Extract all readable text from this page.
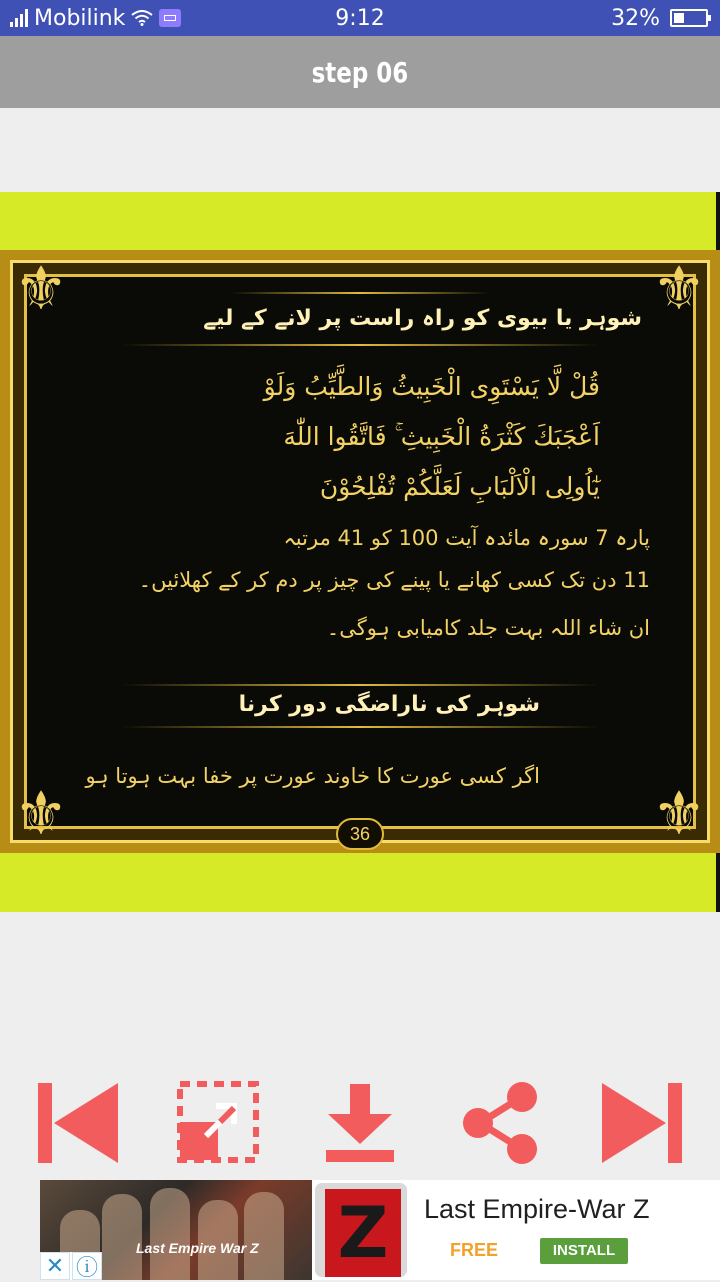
Mobilink	9:12	32%
step 06
⚜	⚜
⚜	⚜
شوہر یا بیوی کو راہ راست پر لانے کے لیے
قُلْ لَّا يَسْتَوِى الْخَبِيثُ وَالطَّيِّبُ وَلَوْ
اَعْجَبَكَ كَثْرَةُ الْخَبِيثِ ۚ فَاتَّقُوا اللّٰهَ
يٰٓاُولِى الْاَلْبَابِ لَعَلَّكُمْ تُفْلِحُوْنَ
پارہ 7 سورہ مائدہ آیت 100 کو 41 مرتبہ
11 دن تک کسی کھانے یا پینے کی چیز پر دم کر کے کھلائیں۔
ان شاء اللہ بہت جلد کامیابی ہوگی۔
شوہر کی ناراضگی دور کرنا
اگر کسی عورت کا خاوند عورت پر خفا بہت ہوتا ہو
36
Last Empire War Z
✕ ⓘ	Z	Last Empire-War Z
FREE	INSTALL
